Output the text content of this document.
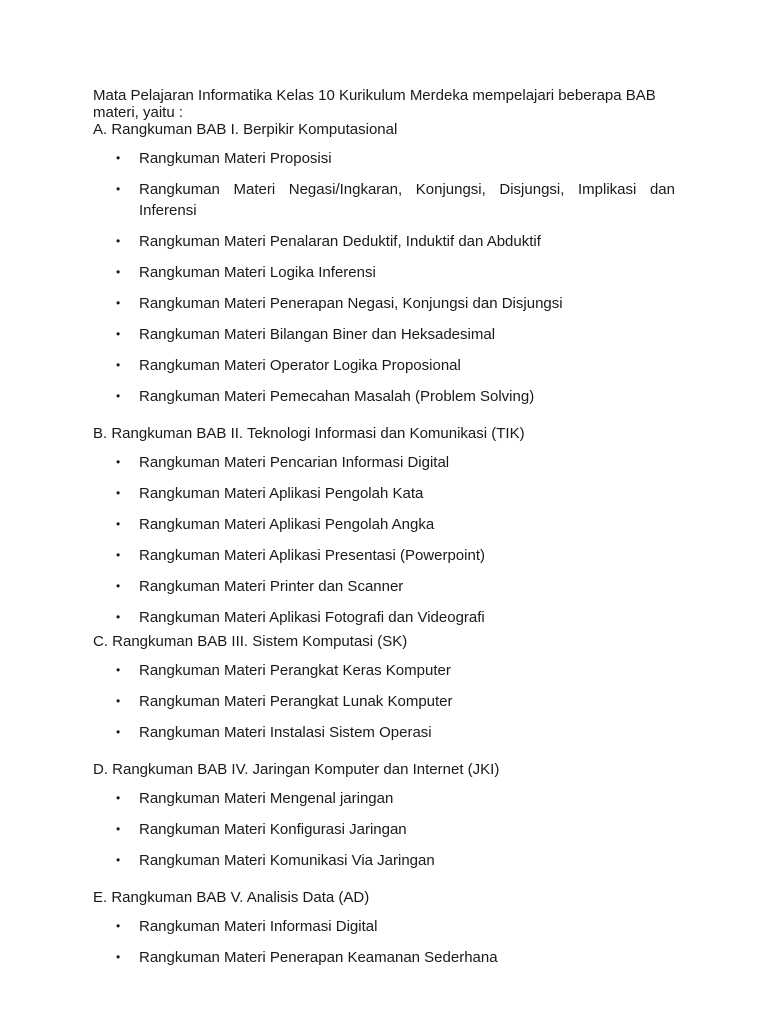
Mata Pelajaran Informatika Kelas 10 Kurikulum Merdeka mempelajari beberapa BAB materi, yaitu :

A. Rangkuman BAB I. Berpikir Komputasional
• Rangkuman Materi Proposisi
• Rangkuman Materi Negasi/Ingkaran, Konjungsi, Disjungsi, Implikasi dan Inferensi
• Rangkuman Materi Penalaran Deduktif, Induktif dan Abduktif
• Rangkuman Materi Logika Inferensi
• Rangkuman Materi Penerapan Negasi, Konjungsi dan Disjungsi
• Rangkuman Materi Bilangan Biner dan Heksadesimal
• Rangkuman Materi Operator Logika Proposional
• Rangkuman Materi Pemecahan Masalah (Problem Solving)
B. Rangkuman BAB II. Teknologi Informasi dan Komunikasi (TIK)
• Rangkuman Materi Pencarian Informasi Digital
• Rangkuman Materi Aplikasi Pengolah Kata
• Rangkuman Materi Aplikasi Pengolah Angka
• Rangkuman Materi Aplikasi Presentasi (Powerpoint)
• Rangkuman Materi Printer dan Scanner
• Rangkuman Materi Aplikasi Fotografi dan Videografi
C. Rangkuman BAB III. Sistem Komputasi (SK)
• Rangkuman Materi Perangkat Keras Komputer
• Rangkuman Materi Perangkat Lunak Komputer
• Rangkuman Materi Instalasi Sistem Operasi
D. Rangkuman BAB IV. Jaringan Komputer dan Internet (JKI)
• Rangkuman Materi Mengenal jaringan
• Rangkuman Materi Konfigurasi Jaringan
• Rangkuman Materi Komunikasi Via Jaringan
E. Rangkuman BAB V. Analisis Data (AD)
• Rangkuman Materi Informasi Digital
• Rangkuman Materi Penerapan Keamanan Sederhana
